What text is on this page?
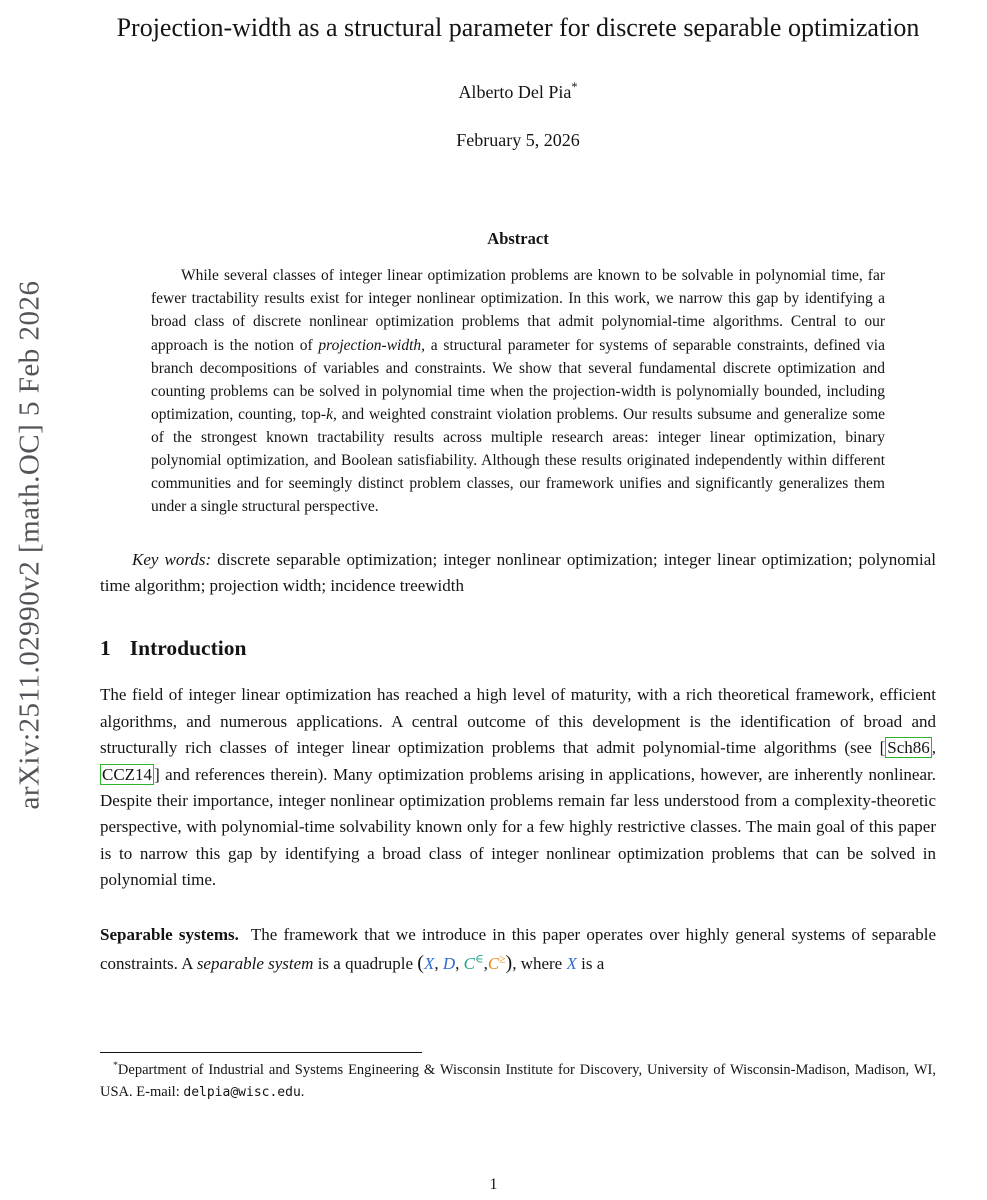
arXiv:2511.02990v2 [math.OC] 5 Feb 2026
Projection-width as a structural parameter for discrete separable optimization
Alberto Del Pia*
February 5, 2026
Abstract

While several classes of integer linear optimization problems are known to be solvable in polynomial time, far fewer tractability results exist for integer nonlinear optimization. In this work, we narrow this gap by identifying a broad class of discrete nonlinear optimization problems that admit polynomial-time algorithms. Central to our approach is the notion of projection-width, a structural parameter for systems of separable constraints, defined via branch decompositions of variables and constraints. We show that several fundamental discrete optimization and counting problems can be solved in polynomial time when the projection-width is polynomially bounded, including optimization, counting, top-k, and weighted constraint violation problems. Our results subsume and generalize some of the strongest known tractability results across multiple research areas: integer linear optimization, binary polynomial optimization, and Boolean satisfiability. Although these results originated independently within different communities and for seemingly distinct problem classes, our framework unifies and significantly generalizes them under a single structural perspective.

Key words: discrete separable optimization; integer nonlinear optimization; integer linear optimization; polynomial time algorithm; projection width; incidence treewidth

1 Introduction

The field of integer linear optimization has reached a high level of maturity, with a rich theoretical framework, efficient algorithms, and numerous applications. A central outcome of this development is the identification of broad and structurally rich classes of integer linear optimization problems that admit polynomial-time algorithms (see [ Sch86 , CCZ14 ] and references therein). Many optimization problems arising in applications, however, are inherently nonlinear. Despite their importance, integer nonlinear optimization problems remain far less understood from a complexity-theoretic perspective, with polynomial-time solvability known only for a few highly restrictive classes. The main goal of this paper is to narrow this gap by identifying a broad class of integer nonlinear optimization problems that can be solved in polynomial time.

Separable systems. The framework that we introduce in this paper operates over highly general systems of separable constraints. A separable system is a quadruple (X, D, C∈,C≥), where X is a

*Department of Industrial and Systems Engineering & Wisconsin Institute for Discovery, University of Wisconsin-Madison, Madison, WI, USA. E-mail: delpia@wisc.edu.

1
